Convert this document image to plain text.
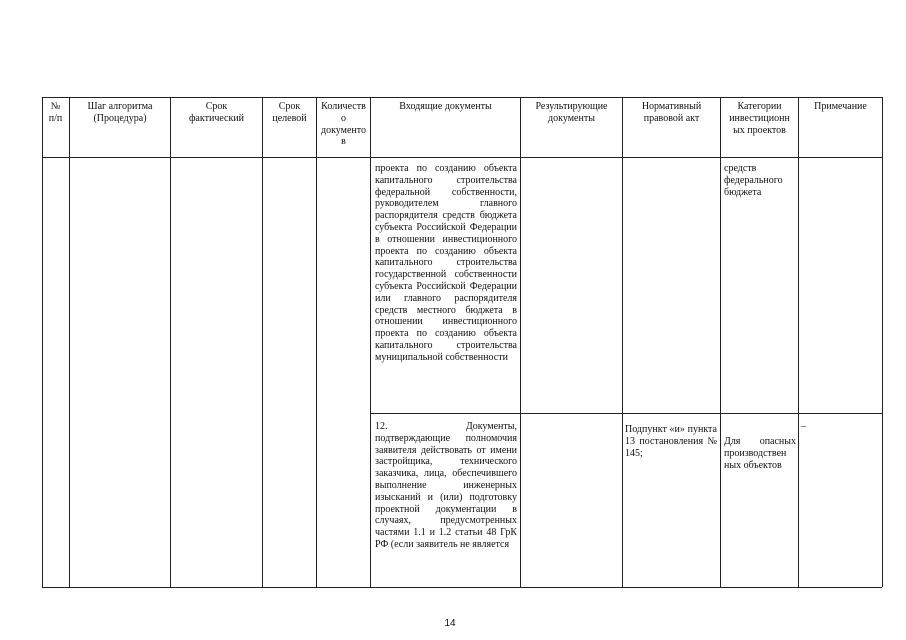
№
п/п
Шаг алгоритма
(Процедура)
Срок
фактический
Срок
целевой
Количеств
о
документо
в
Входящие документы	Результирующие
документы
Нормативный
правовой акт
Категории
инвестиционн
ых проектов
Примечание
проекта по созданию объекта капитального строительства федеральной собственности, руководителем главного распорядителя средств бюджета субъекта Российской Федерации в отношении инвестиционного проекта по созданию объекта капитального строительства государственной собственности субъекта Российской Федерации или главного распорядителя средств местного бюджета в отношении инвестиционного проекта по созданию объекта капитального строительства муниципальной собственности
средств федерального бюджета
12. Документы, подтверждающие полномочия заявителя действовать от имени застройщика, технического заказчика, лица, обеспечившего выполнение инженерных изысканий и (или) подготовку проектной документации в случаях, предусмотренных частями 1.1 и 1.2 статьи 48 ГрК РФ (если заявитель не является
Подпункт «и» пункта 13 постановления № 145;
Для опасных производствен ных объектов
–
14
